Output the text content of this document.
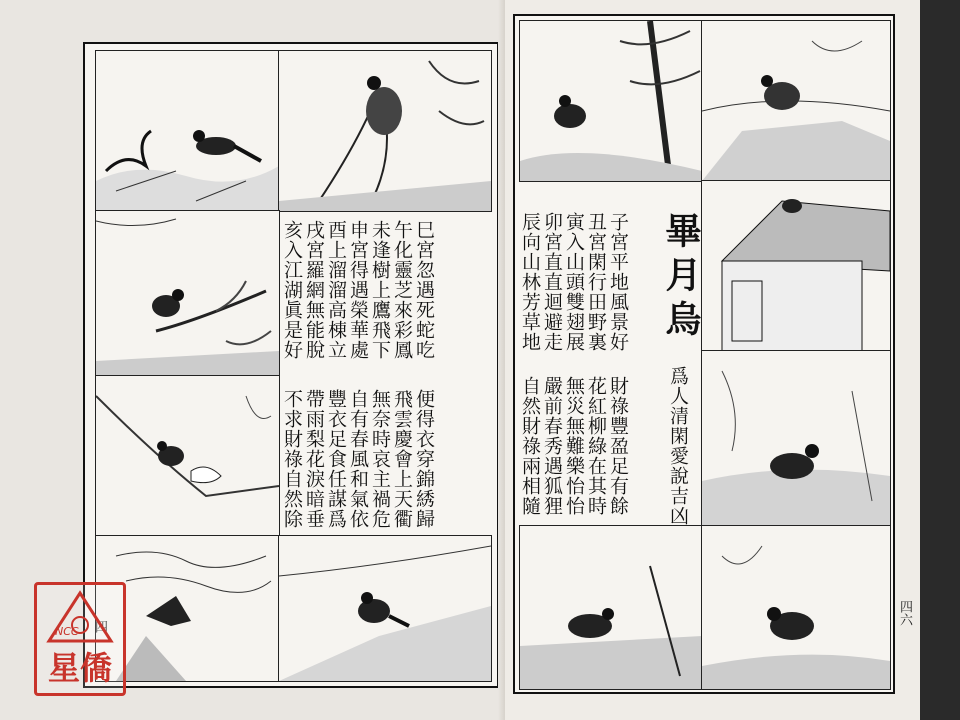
巳宮忽遇死蛇吃 午化靈芝來彩鳳 未逢樹上鷹飛下 申宮得遇榮華處 酉上溜溜高棟立 戌宮羅網無能脫 亥入江湖眞是好
便得衣穿錦綉歸 飛雲慶會上天衢 無奈時哀主禍危 自有春風和氣依 豐衣足食任謀爲 帶雨梨花淚暗垂 不求財祿自然除
四
畢月烏
爲人清閑愛說吉凶
子宮平地風景好 丑宮閑行田野裏 寅入山頭雙翅展 卯宮直直迴避走 辰向山林芳草地
財祿豐盈足有餘 花紅柳綠在其時 無災無難樂怡怡 嚴前春秀遇狐狸 自然財祿兩相隨
四六
NCC
星僑
